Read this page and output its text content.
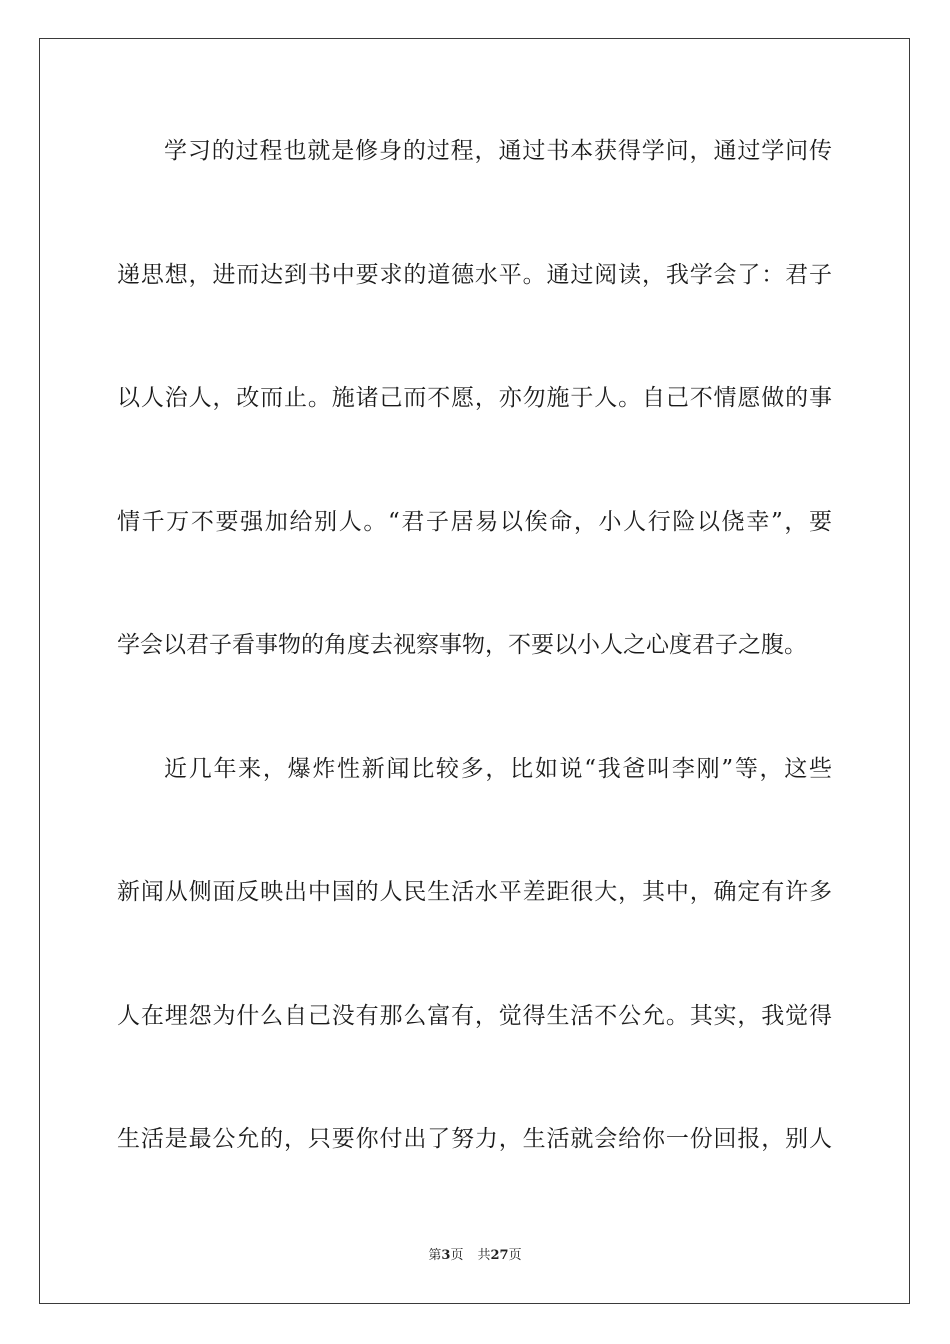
学习的过程也就是修身的过程，通过书本获得学问，通过学问传
递思想，进而达到书中要求的道德水平。通过阅读，我学会了：君子
以人治人，改而止。施诸己而不愿，亦勿施于人。自己不情愿做的事
情千万不要强加给别人。“君子居易以俟命，小人行险以侥幸”，要
学会以君子看事物的角度去视察事物，不要以小人之心度君子之腹。
近几年来，爆炸性新闻比较多，比如说“我爸叫李刚”等，这些
新闻从侧面反映出中国的人民生活水平差距很大，其中，确定有许多
人在埋怨为什么自己没有那么富有，觉得生活不公允。其实，我觉得
生活是最公允的，只要你付出了努力，生活就会给你一份回报，别人
第3页 共27页
